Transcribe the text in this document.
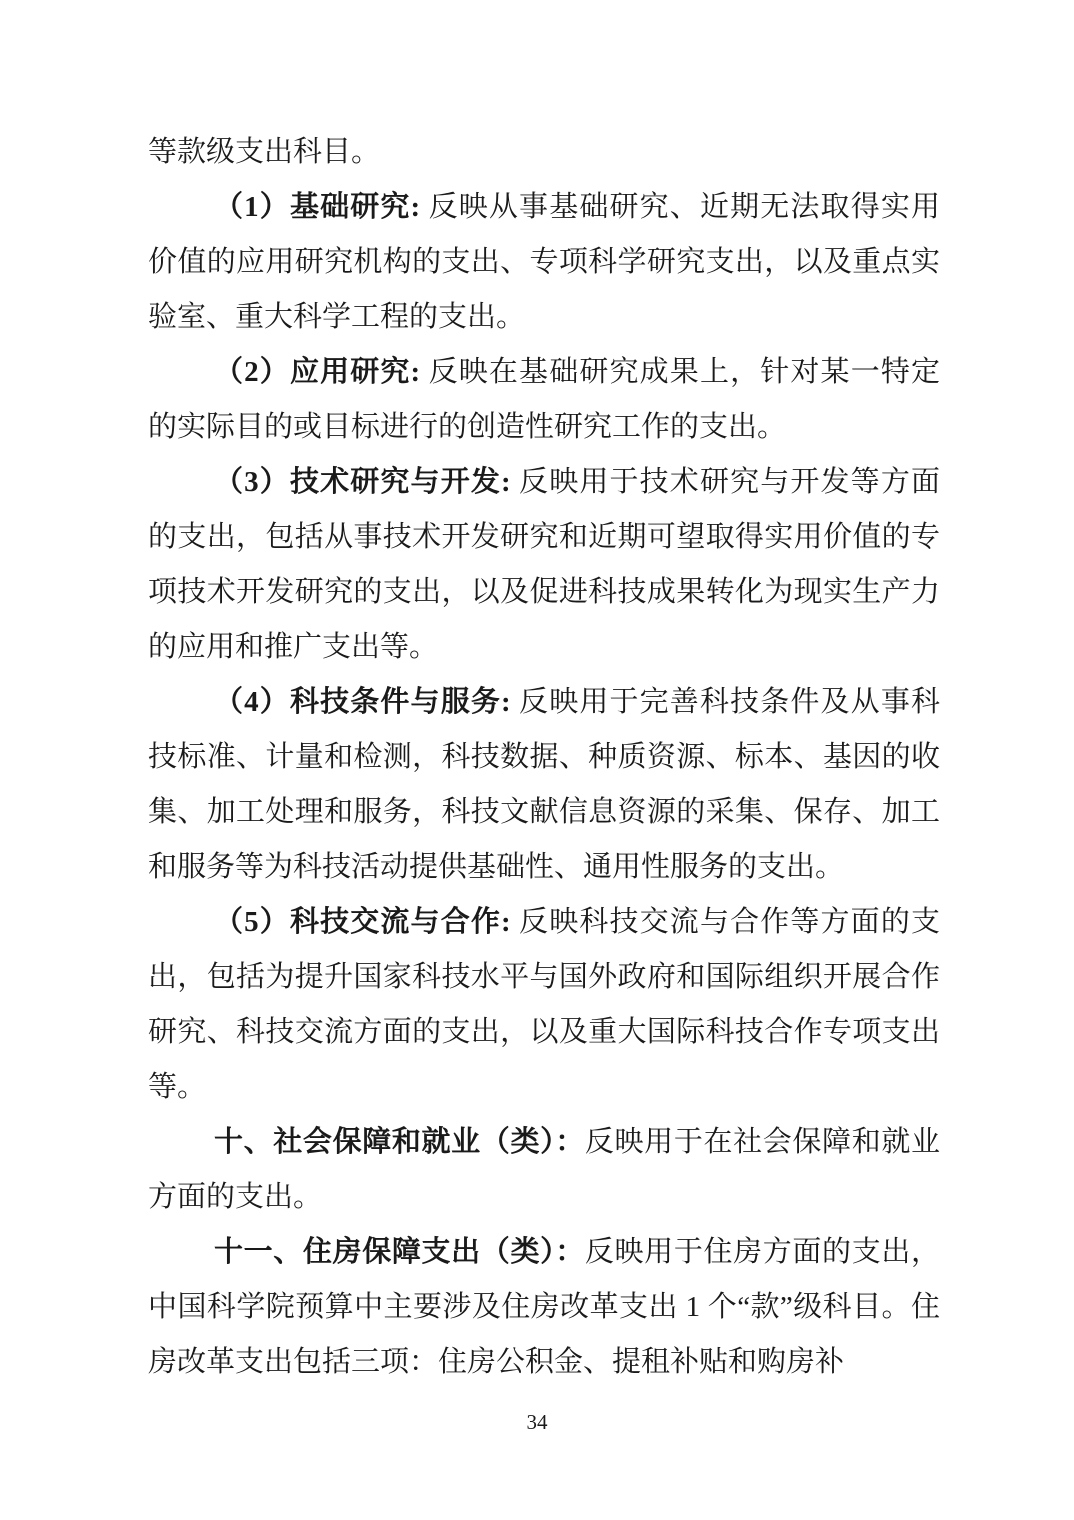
等款级支出科目。

（1）基础研究: 反映从事基础研究、近期无法取得实用价值的应用研究机构的支出、专项科学研究支出，以及重点实验室、重大科学工程的支出。

（2）应用研究: 反映在基础研究成果上，针对某一特定的实际目的或目标进行的创造性研究工作的支出。

（3）技术研究与开发: 反映用于技术研究与开发等方面的支出，包括从事技术开发研究和近期可望取得实用价值的专项技术开发研究的支出，以及促进科技成果转化为现实生产力的应用和推广支出等。

（4）科技条件与服务: 反映用于完善科技条件及从事科技标准、计量和检测，科技数据、种质资源、标本、基因的收集、加工处理和服务，科技文献信息资源的采集、保存、加工和服务等为科技活动提供基础性、通用性服务的支出。

（5）科技交流与合作: 反映科技交流与合作等方面的支出，包括为提升国家科技水平与国外政府和国际组织开展合作研究、科技交流方面的支出，以及重大国际科技合作专项支出等。

十、社会保障和就业（类）：反映用于在社会保障和就业方面的支出。

十一、住房保障支出（类）：反映用于住房方面的支出，中国科学院预算中主要涉及住房改革支出 1 个“款”级科目。住房改革支出包括三项：住房公积金、提租补贴和购房补

34
